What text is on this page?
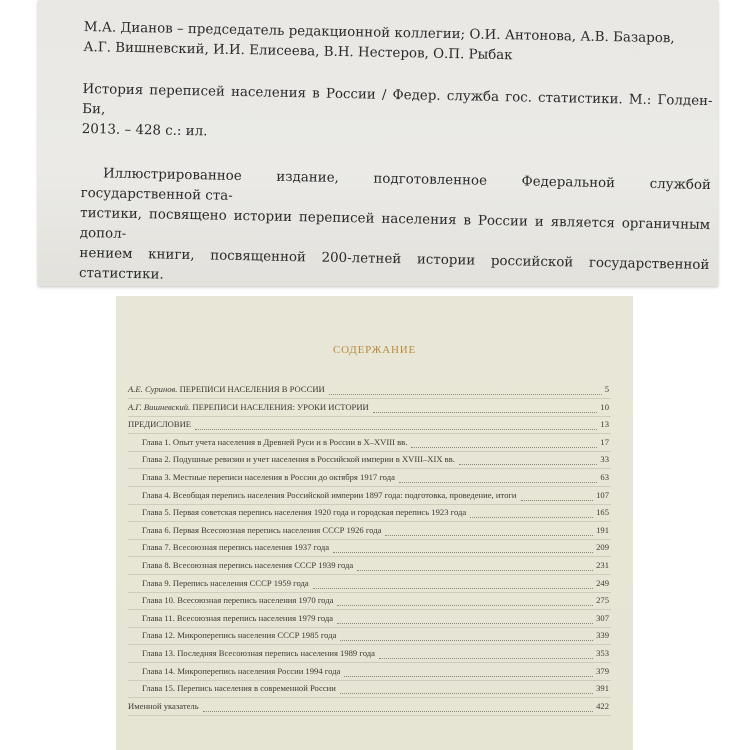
М.А. Дианов – председатель редакционной коллегии; О.И. Антонова, А.В. Базаров,

А.Г. Вишневский, И.И. Елисеева, В.Н. Нестеров, О.П. Рыбак

История переписей населения в России / Федер. служба гос. статистики. М.: Голден-Би,

2013. – 428 с.: ил.

Иллюстрированное издание, подготовленное Федеральной службой государственной ста-

тистики, посвящено истории переписей населения в России и является органичным допол-

нением книги, посвященной 200-летней истории российской государственной статистики.

СОДЕРЖАНИЕ
А.Е. Суринов. ПЕРЕПИСИ НАСЕЛЕНИЯ В РОССИИ	5
А.Г. Вишневский. ПЕРЕПИСИ НАСЕЛЕНИЯ: УРОКИ ИСТОРИИ	10
ПРЕДИСЛОВИЕ	13
Глава 1. Опыт учета населения в Древней Руси и в России в X–XVIII вв.	17
Глава 2. Подушные ревизии и учет населения в Российской империи в XVIII–XIX вв.	33
Глава 3. Местные переписи населения в России до октября 1917 года	63
Глава 4. Всеобщая перепись населения Российской империи 1897 года: подготовка, проведение, итоги	107
Глава 5. Первая советская перепись населения 1920 года и городская перепись 1923 года	165
Глава 6. Первая Всесоюзная перепись населения СССР 1926 года	191
Глава 7. Всесоюзная перепись населения 1937 года	209
Глава 8. Всесоюзная перепись населения СССР 1939 года	231
Глава 9. Перепись населения СССР 1959 года	249
Глава 10. Всесоюзная перепись населения 1970 года	275
Глава 11. Всесоюзная перепись населения 1979 года	307
Глава 12. Микроперепись населения СССР 1985 года	339
Глава 13. Последняя Всесоюзная перепись населения 1989 года	353
Глава 14. Микроперепись населения России 1994 года	379
Глава 15. Перепись населения в современной России	391
Именной указатель	422
